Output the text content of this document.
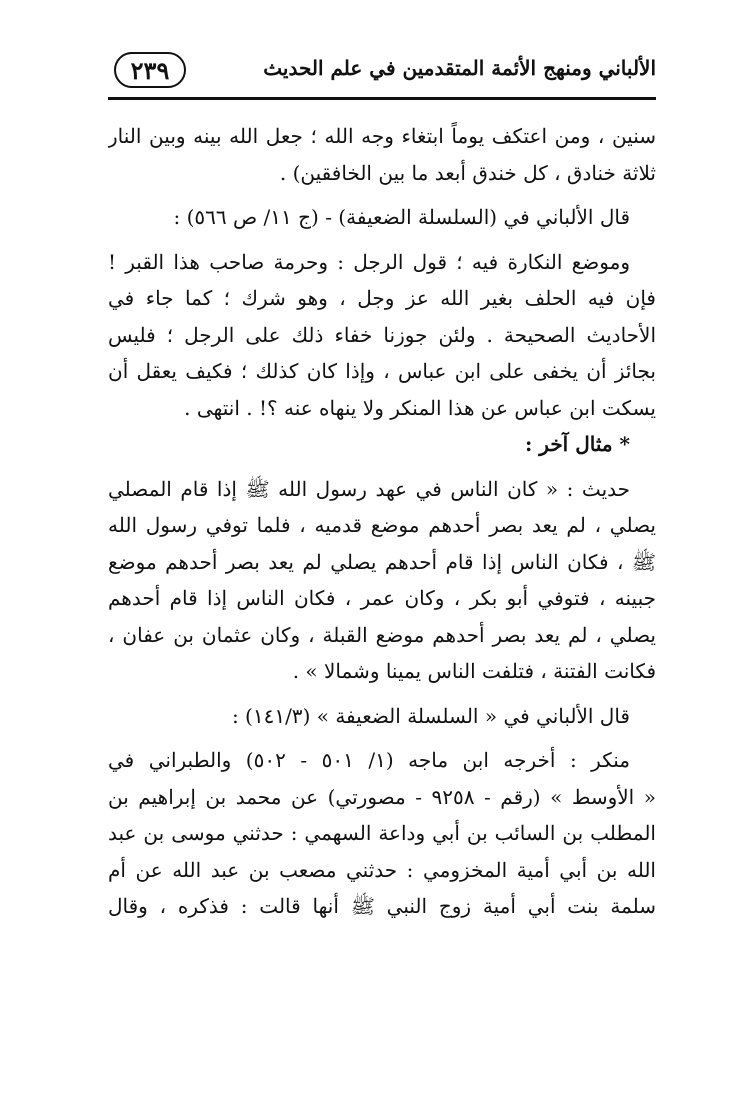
٢٣٩	الألباني ومنهج الأئمة المتقدمين في علم الحديث
سنين ، ومن اعتكف يوماً ابتغاء وجه الله ؛ جعل الله بينه وبين النار
ثلاثة خنادق ، كل خندق أبعد ما بين الخافقين) .
قال الألباني في (السلسلة الضعيفة) - (ج ١١/ ص ٥٦٦) :
وموضع النكارة فيه ؛ قول الرجل : وحرمة صاحب هذا القبر !
فإن فيه الحلف بغير الله عز وجل ، وهو شرك ؛ كما جاء في
الأحاديث الصحيحة . ولئن جوزنا خفاء ذلك على الرجل ؛ فليس
بجائز أن يخفى على ابن عباس ، وإذا كان كذلك ؛ فكيف يعقل أن
يسكت ابن عباس عن هذا المنكر ولا ينهاه عنه ؟! . انتهى .
* مثال آخر :
حديث : « كان الناس في عهد رسول الله ﷺ إذا قام المصلي
يصلي ، لم يعد بصر أحدهم موضع قدميه ، فلما توفي رسول الله
ﷺ ، فكان الناس إذا قام أحدهم يصلي لم يعد بصر أحدهم موضع
جبينه ، فتوفي أبو بكر ، وكان عمر ، فكان الناس إذا قام أحدهم
يصلي ، لم يعد بصر أحدهم موضع القبلة ، وكان عثمان بن عفان ،
فكانت الفتنة ، فتلفت الناس يمينا وشمالا » .
قال الألباني في « السلسلة الضعيفة » (١٤١/٣) :
منكر : أخرجه ابن ماجه (١/ ٥٠١ - ٥٠٢) والطبراني في
« الأوسط » (رقم - ٩٢٥٨ - مصورتي) عن محمد بن إبراهيم بن
المطلب بن السائب بن أبي وداعة السهمي : حدثني موسى بن عبد
الله بن أبي أمية المخزومي : حدثني مصعب بن عبد الله عن أم
سلمة بنت أبي أمية زوج النبي ﷺ أنها قالت : فذكره ، وقال
